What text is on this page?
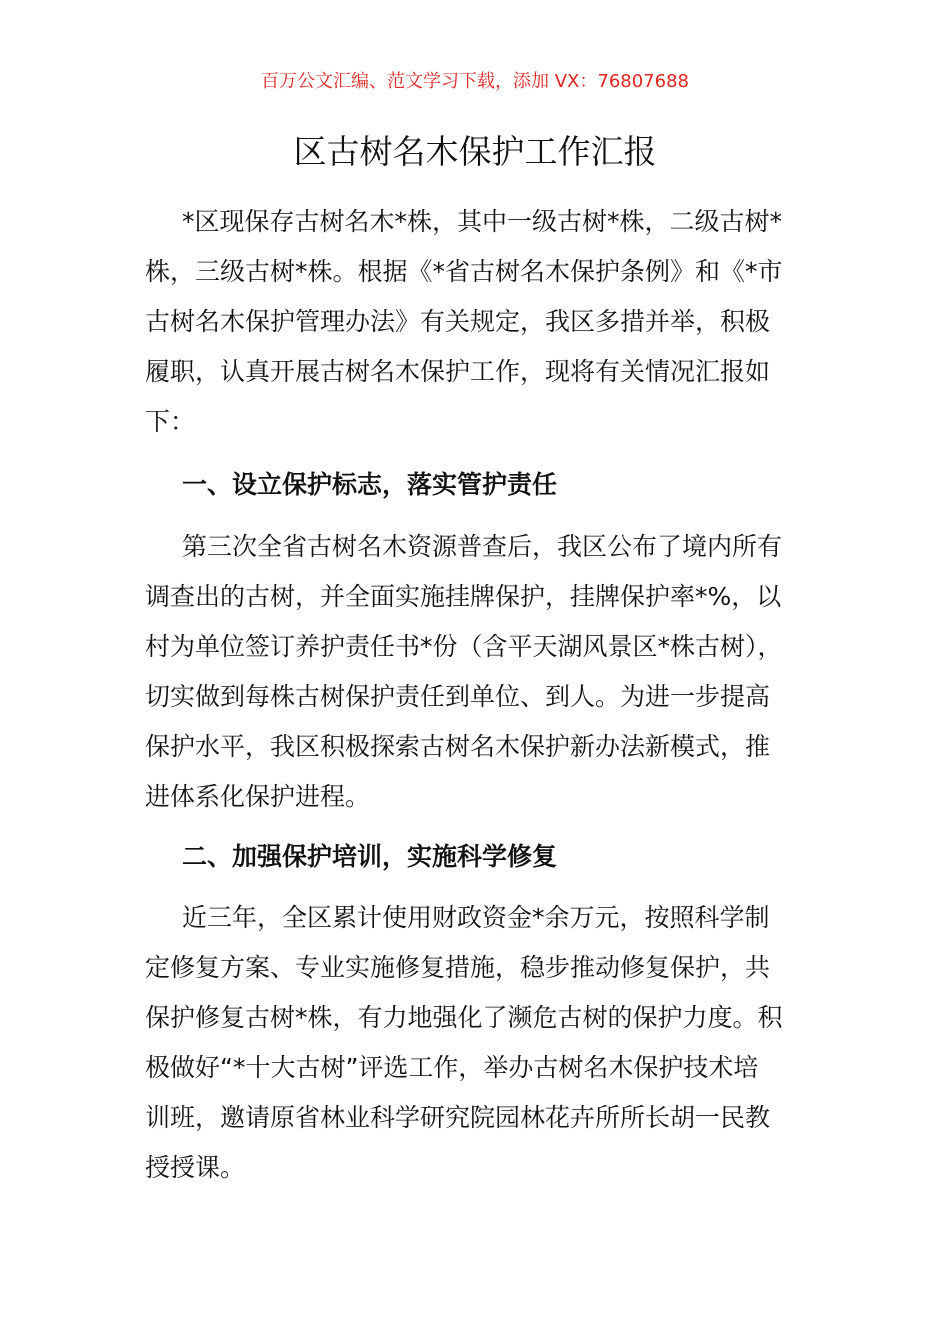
百万公文汇编、范文学习下载，添加 VX：76807688
区古树名木保护工作汇报
*区现保存古树名木*株，其中一级古树*株，二级古树*
株，三级古树*株。根据《*省古树名木保护条例》和《*市
古树名木保护管理办法》有关规定，我区多措并举，积极
履职，认真开展古树名木保护工作，现将有关情况汇报如
下：
一、设立保护标志，落实管护责任
第三次全省古树名木资源普查后，我区公布了境内所有
调查出的古树，并全面实施挂牌保护，挂牌保护率*%，以
村为单位签订养护责任书*份（含平天湖风景区*株古树），
切实做到每株古树保护责任到单位、到人。为进一步提高
保护水平，我区积极探索古树名木保护新办法新模式，推
进体系化保护进程。
二、加强保护培训，实施科学修复
近三年，全区累计使用财政资金*余万元，按照科学制
定修复方案、专业实施修复措施，稳步推动修复保护，共
保护修复古树*株，有力地强化了濒危古树的保护力度。积
极做好“*十大古树”评选工作，举办古树名木保护技术培
训班，邀请原省林业科学研究院园林花卉所所长胡一民教
授授课。
